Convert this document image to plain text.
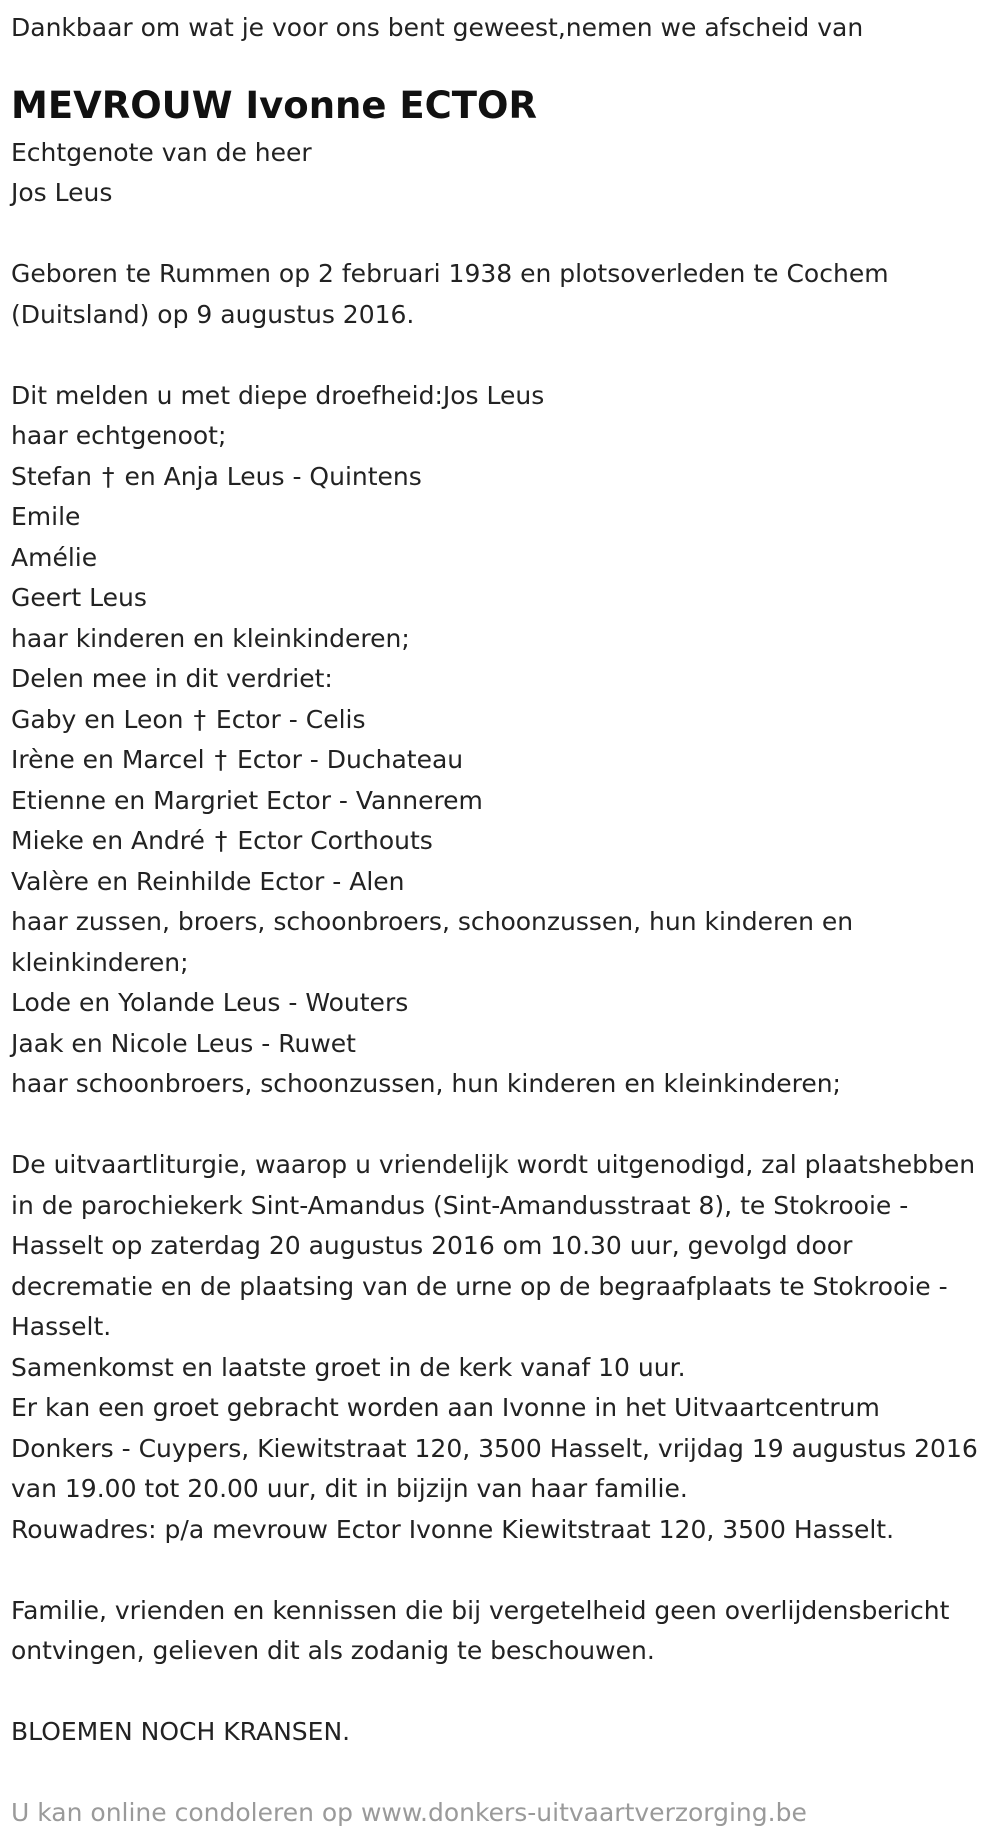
Dankbaar om wat je voor ons bent geweest,nemen we afscheid van
MEVROUW Ivonne ECTOR
Echtgenote van de heer
Jos Leus
Geboren te Rummen op 2 februari 1938 en plotsoverleden te Cochem (Duitsland) op 9 augustus 2016.
Dit melden u met diepe droefheid:Jos Leus
haar echtgenoot;
Stefan † en Anja Leus - Quintens
Emile
Amélie
Geert Leus
haar kinderen en kleinkinderen;
Delen mee in dit verdriet:
Gaby en Leon † Ector - Celis
Irène en Marcel † Ector - Duchateau
Etienne en Margriet Ector - Vannerem
Mieke en André † Ector Corthouts
Valère en Reinhilde Ector - Alen
haar zussen, broers, schoonbroers, schoonzussen, hun kinderen en kleinkinderen;
Lode en Yolande Leus - Wouters
Jaak en Nicole Leus - Ruwet
haar schoonbroers, schoonzussen, hun kinderen en kleinkinderen;
De uitvaartliturgie, waarop u vriendelijk wordt uitgenodigd, zal plaatshebben in de parochiekerk Sint-Amandus (Sint-Amandusstraat 8), te Stokrooie - Hasselt op zaterdag 20 augustus 2016 om 10.30 uur, gevolgd door decrematie en de plaatsing van de urne op de begraafplaats te Stokrooie - Hasselt.
Samenkomst en laatste groet in de kerk vanaf 10 uur.
Er kan een groet gebracht worden aan Ivonne in het Uitvaartcentrum Donkers - Cuypers, Kiewitstraat 120, 3500 Hasselt, vrijdag 19 augustus 2016 van 19.00 tot 20.00 uur, dit in bijzijn van haar familie.
Rouwadres: p/a mevrouw Ector Ivonne Kiewitstraat 120, 3500 Hasselt.
Familie, vrienden en kennissen die bij vergetelheid geen overlijdensbericht ontvingen, gelieven dit als zodanig te beschouwen.
BLOEMEN NOCH KRANSEN.
U kan online condoleren op www.donkers-uitvaartverzorging.be
